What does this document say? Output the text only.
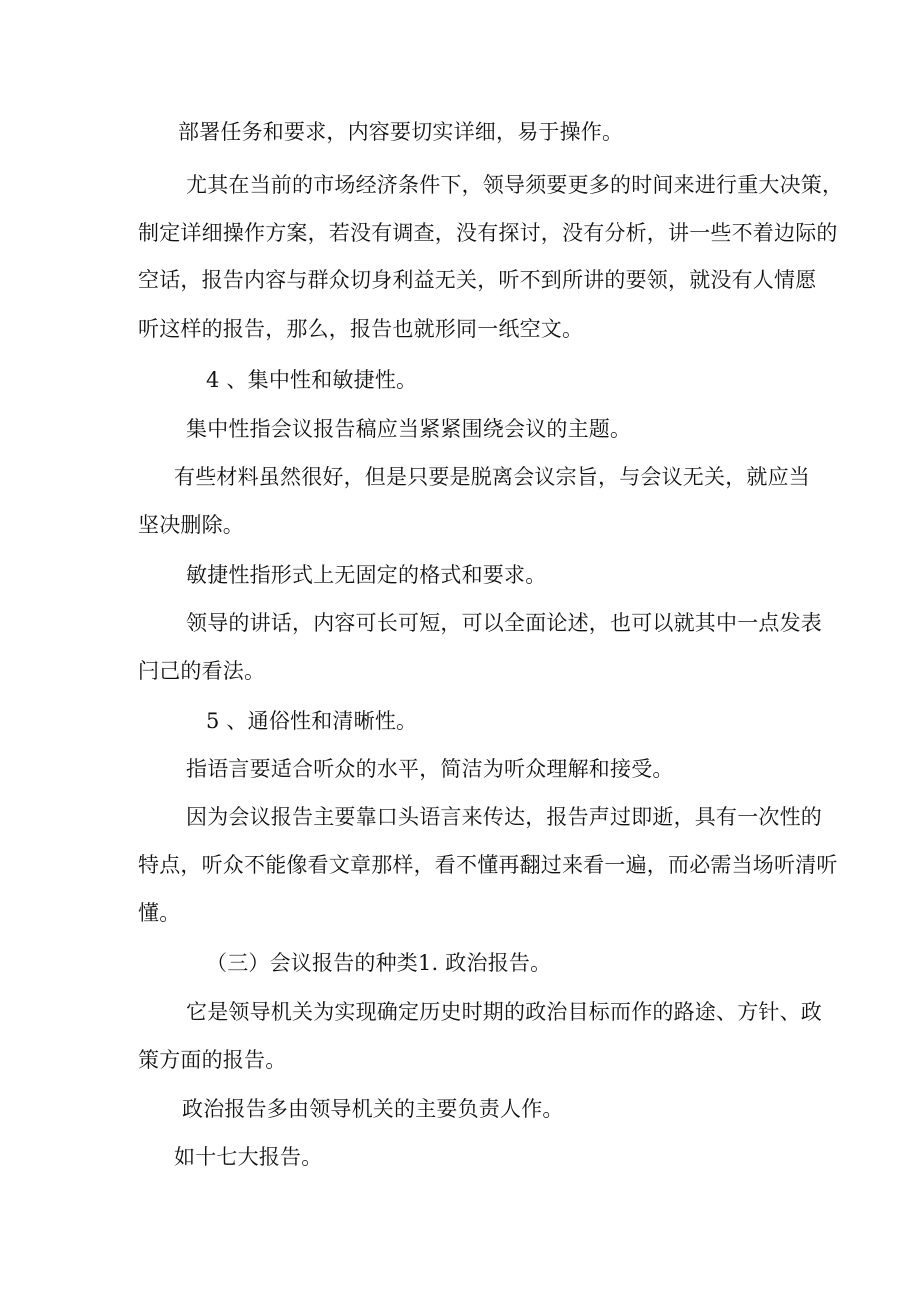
部署任务和要求，内容要切实详细，易于操作。

尤其在当前的市场经济条件下，领导须要更多的时间来进行重大决策，

制定详细操作方案，若没有调查，没有探讨，没有分析，讲一些不着边际的

空话，报告内容与群众切身利益无关，听不到所讲的要领，就没有人情愿

听这样的报告，那么，报告也就形同一纸空文。

4 、集中性和敏捷性。

集中性指会议报告稿应当紧紧围绕会议的主题。

有些材料虽然很好，但是只要是脱离会议宗旨，与会议无关，就应当

坚决删除。

敏捷性指形式上无固定的格式和要求。

领导的讲话，内容可长可短，可以全面论述，也可以就其中一点发表

闩己的看法。

5 、通俗性和清晰性。

指语言要适合听众的水平，简洁为听众理解和接受。

因为会议报告主要靠口头语言来传达，报告声过即逝，具有一次性的

特点，听众不能像看文章那样，看不懂再翻过来看一遍，而必需当场听清听

懂。

（三）会议报告的种类1. 政治报告。

它是领导机关为实现确定历史时期的政治目标而作的路途、方针、政

策方面的报告。

政治报告多由领导机关的主要负责人作。

如十七大报告。
